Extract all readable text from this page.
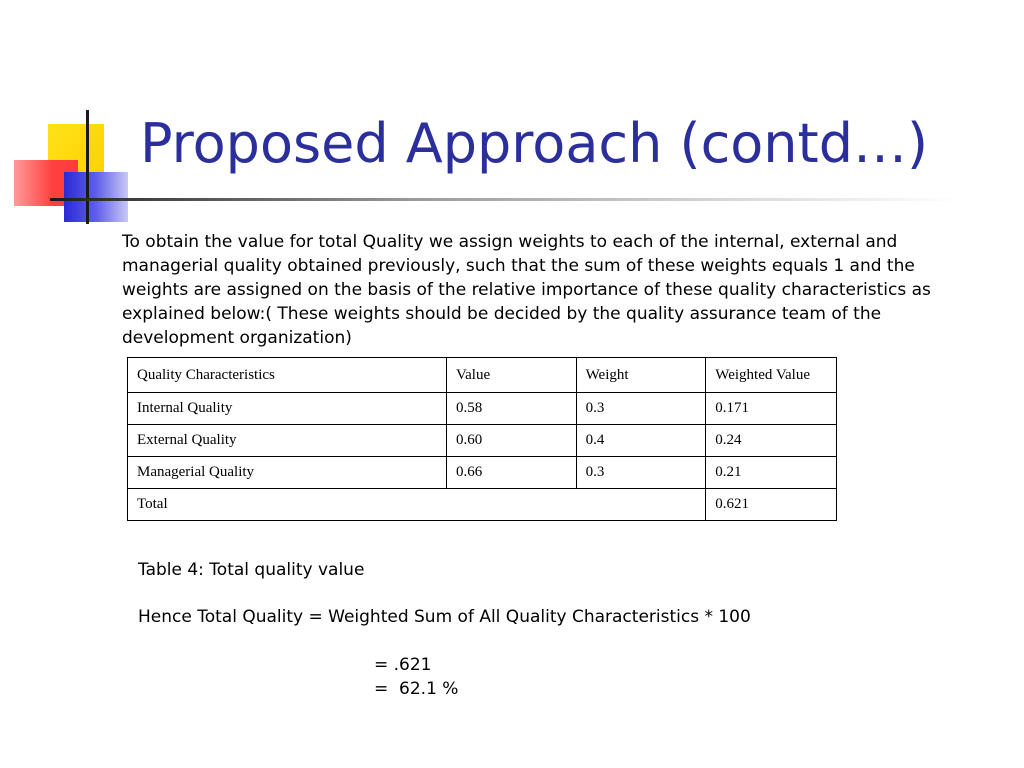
Proposed Approach (contd…)
To obtain the value for total Quality we assign weights to each of the internal, external and managerial quality obtained previously, such that the sum of these weights equals 1 and the weights are assigned on the basis of the relative importance of these quality characteristics as explained below:( These weights should be decided by the quality assurance team of the development organization)
Quality Characteristics	Value	Weight	Weighted Value
Internal Quality	0.58	0.3	0.171
External Quality	0.60	0.4	0.24
Managerial Quality	0.66	0.3	0.21
Total			0.621
Table 4: Total quality value
Hence Total Quality = Weighted Sum of All Quality Characteristics * 100
= .621
=  62.1 %
